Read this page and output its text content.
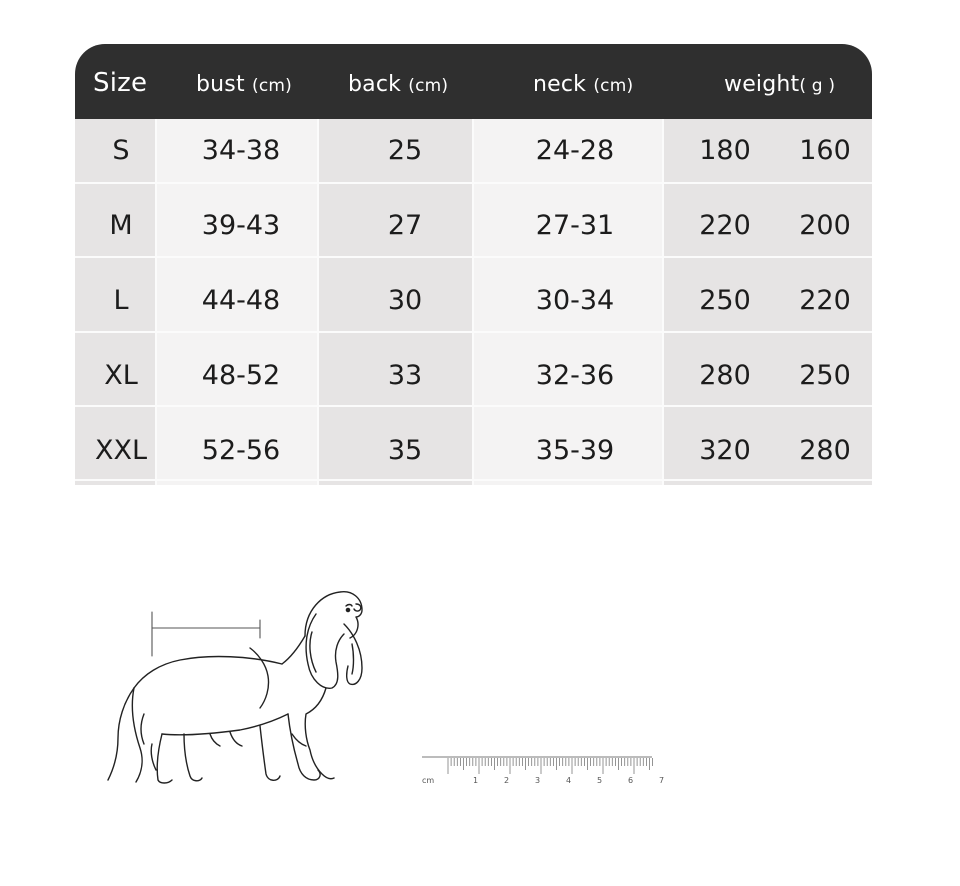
Size bust (cm)	back (cm)	neck (cm)	weight( g )
S	34-38	25	24-28	180	160
M	39-43	27	27-31	220	200
L	44-48	30	30-34	250	220
XL	48-52	33	32-36	280	250
XXL	52-56	35	35-39	320	280
cm	1	2	3	4	5	6	7
